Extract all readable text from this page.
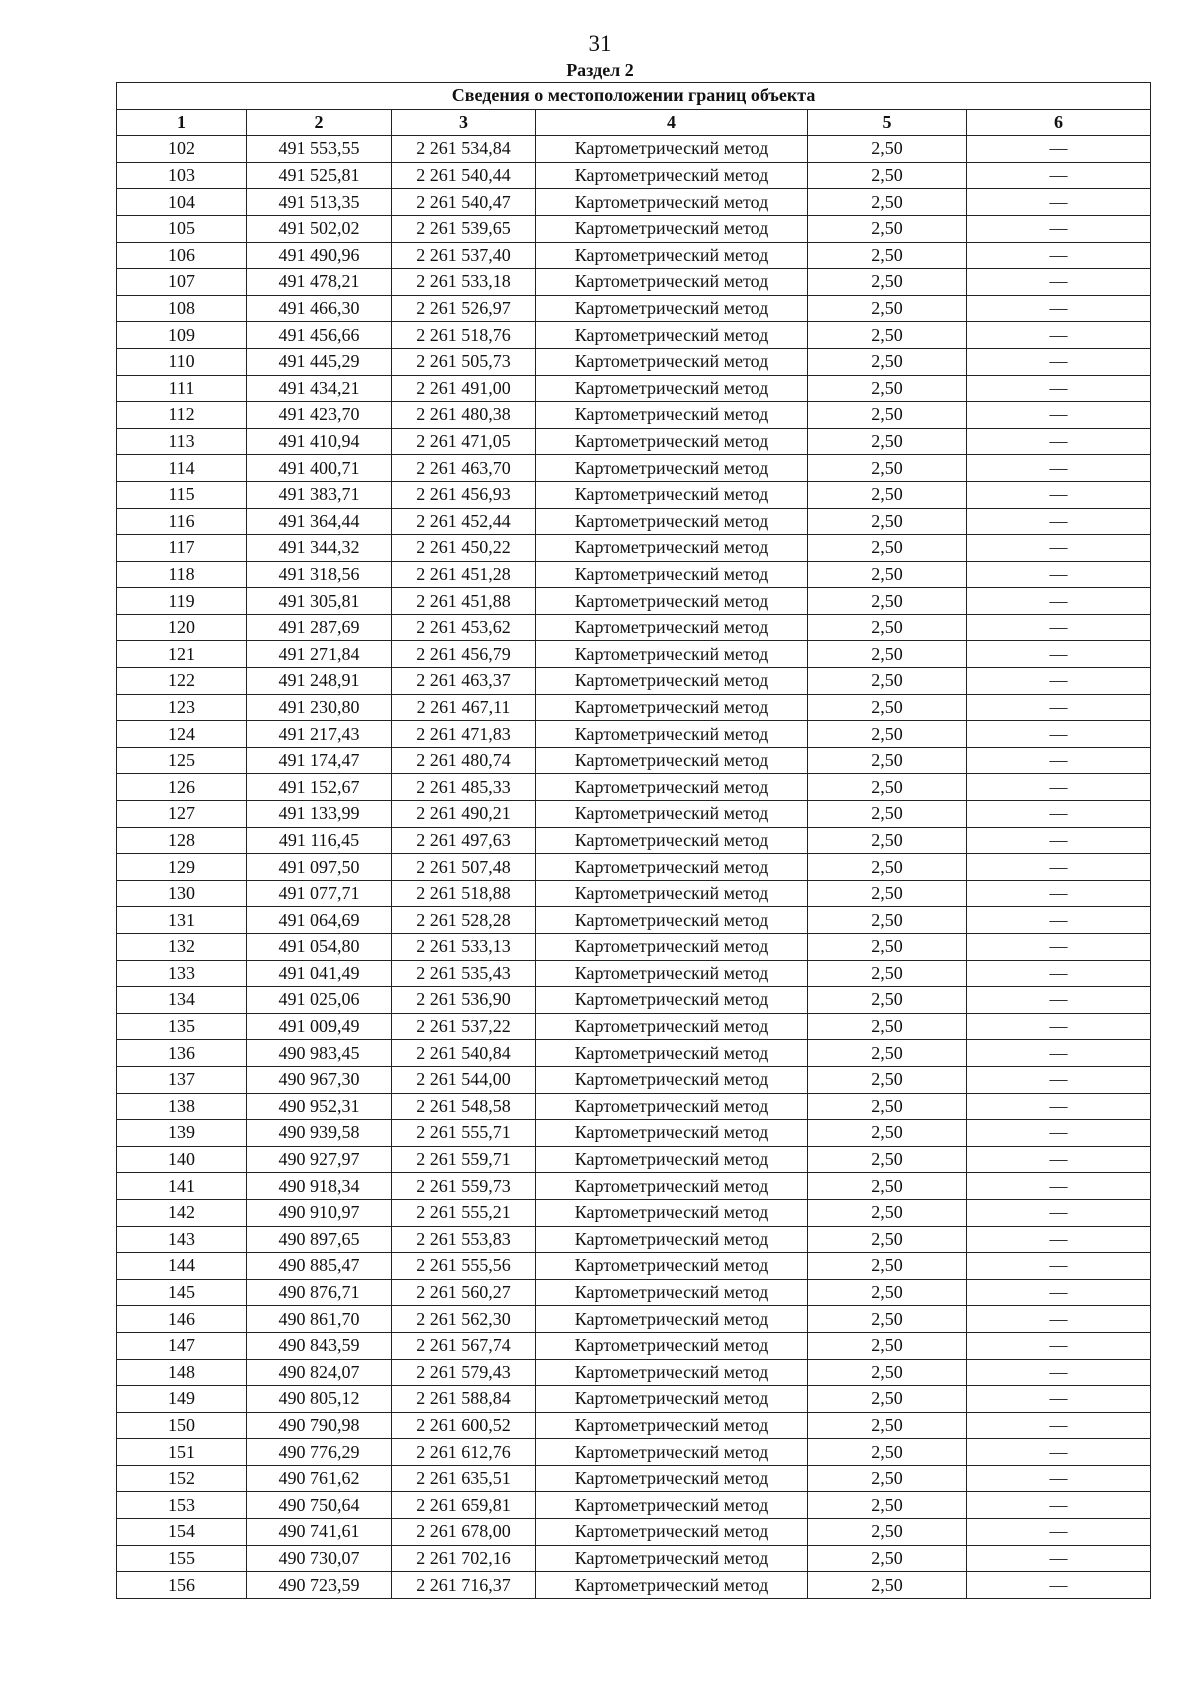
31
Раздел 2
Сведения о местоположении границ объекта					
1	2	3	4	5	6
102	491 553,55	2 261 534,84	Картометрический метод	2,50	—
103	491 525,81	2 261 540,44	Картометрический метод	2,50	—
104	491 513,35	2 261 540,47	Картометрический метод	2,50	—
105	491 502,02	2 261 539,65	Картометрический метод	2,50	—
106	491 490,96	2 261 537,40	Картометрический метод	2,50	—
107	491 478,21	2 261 533,18	Картометрический метод	2,50	—
108	491 466,30	2 261 526,97	Картометрический метод	2,50	—
109	491 456,66	2 261 518,76	Картометрический метод	2,50	—
110	491 445,29	2 261 505,73	Картометрический метод	2,50	—
111	491 434,21	2 261 491,00	Картометрический метод	2,50	—
112	491 423,70	2 261 480,38	Картометрический метод	2,50	—
113	491 410,94	2 261 471,05	Картометрический метод	2,50	—
114	491 400,71	2 261 463,70	Картометрический метод	2,50	—
115	491 383,71	2 261 456,93	Картометрический метод	2,50	—
116	491 364,44	2 261 452,44	Картометрический метод	2,50	—
117	491 344,32	2 261 450,22	Картометрический метод	2,50	—
118	491 318,56	2 261 451,28	Картометрический метод	2,50	—
119	491 305,81	2 261 451,88	Картометрический метод	2,50	—
120	491 287,69	2 261 453,62	Картометрический метод	2,50	—
121	491 271,84	2 261 456,79	Картометрический метод	2,50	—
122	491 248,91	2 261 463,37	Картометрический метод	2,50	—
123	491 230,80	2 261 467,11	Картометрический метод	2,50	—
124	491 217,43	2 261 471,83	Картометрический метод	2,50	—
125	491 174,47	2 261 480,74	Картометрический метод	2,50	—
126	491 152,67	2 261 485,33	Картометрический метод	2,50	—
127	491 133,99	2 261 490,21	Картометрический метод	2,50	—
128	491 116,45	2 261 497,63	Картометрический метод	2,50	—
129	491 097,50	2 261 507,48	Картометрический метод	2,50	—
130	491 077,71	2 261 518,88	Картометрический метод	2,50	—
131	491 064,69	2 261 528,28	Картометрический метод	2,50	—
132	491 054,80	2 261 533,13	Картометрический метод	2,50	—
133	491 041,49	2 261 535,43	Картометрический метод	2,50	—
134	491 025,06	2 261 536,90	Картометрический метод	2,50	—
135	491 009,49	2 261 537,22	Картометрический метод	2,50	—
136	490 983,45	2 261 540,84	Картометрический метод	2,50	—
137	490 967,30	2 261 544,00	Картометрический метод	2,50	—
138	490 952,31	2 261 548,58	Картометрический метод	2,50	—
139	490 939,58	2 261 555,71	Картометрический метод	2,50	—
140	490 927,97	2 261 559,71	Картометрический метод	2,50	—
141	490 918,34	2 261 559,73	Картометрический метод	2,50	—
142	490 910,97	2 261 555,21	Картометрический метод	2,50	—
143	490 897,65	2 261 553,83	Картометрический метод	2,50	—
144	490 885,47	2 261 555,56	Картометрический метод	2,50	—
145	490 876,71	2 261 560,27	Картометрический метод	2,50	—
146	490 861,70	2 261 562,30	Картометрический метод	2,50	—
147	490 843,59	2 261 567,74	Картометрический метод	2,50	—
148	490 824,07	2 261 579,43	Картометрический метод	2,50	—
149	490 805,12	2 261 588,84	Картометрический метод	2,50	—
150	490 790,98	2 261 600,52	Картометрический метод	2,50	—
151	490 776,29	2 261 612,76	Картометрический метод	2,50	—
152	490 761,62	2 261 635,51	Картометрический метод	2,50	—
153	490 750,64	2 261 659,81	Картометрический метод	2,50	—
154	490 741,61	2 261 678,00	Картометрический метод	2,50	—
155	490 730,07	2 261 702,16	Картометрический метод	2,50	—
156	490 723,59	2 261 716,37	Картометрический метод	2,50	—
